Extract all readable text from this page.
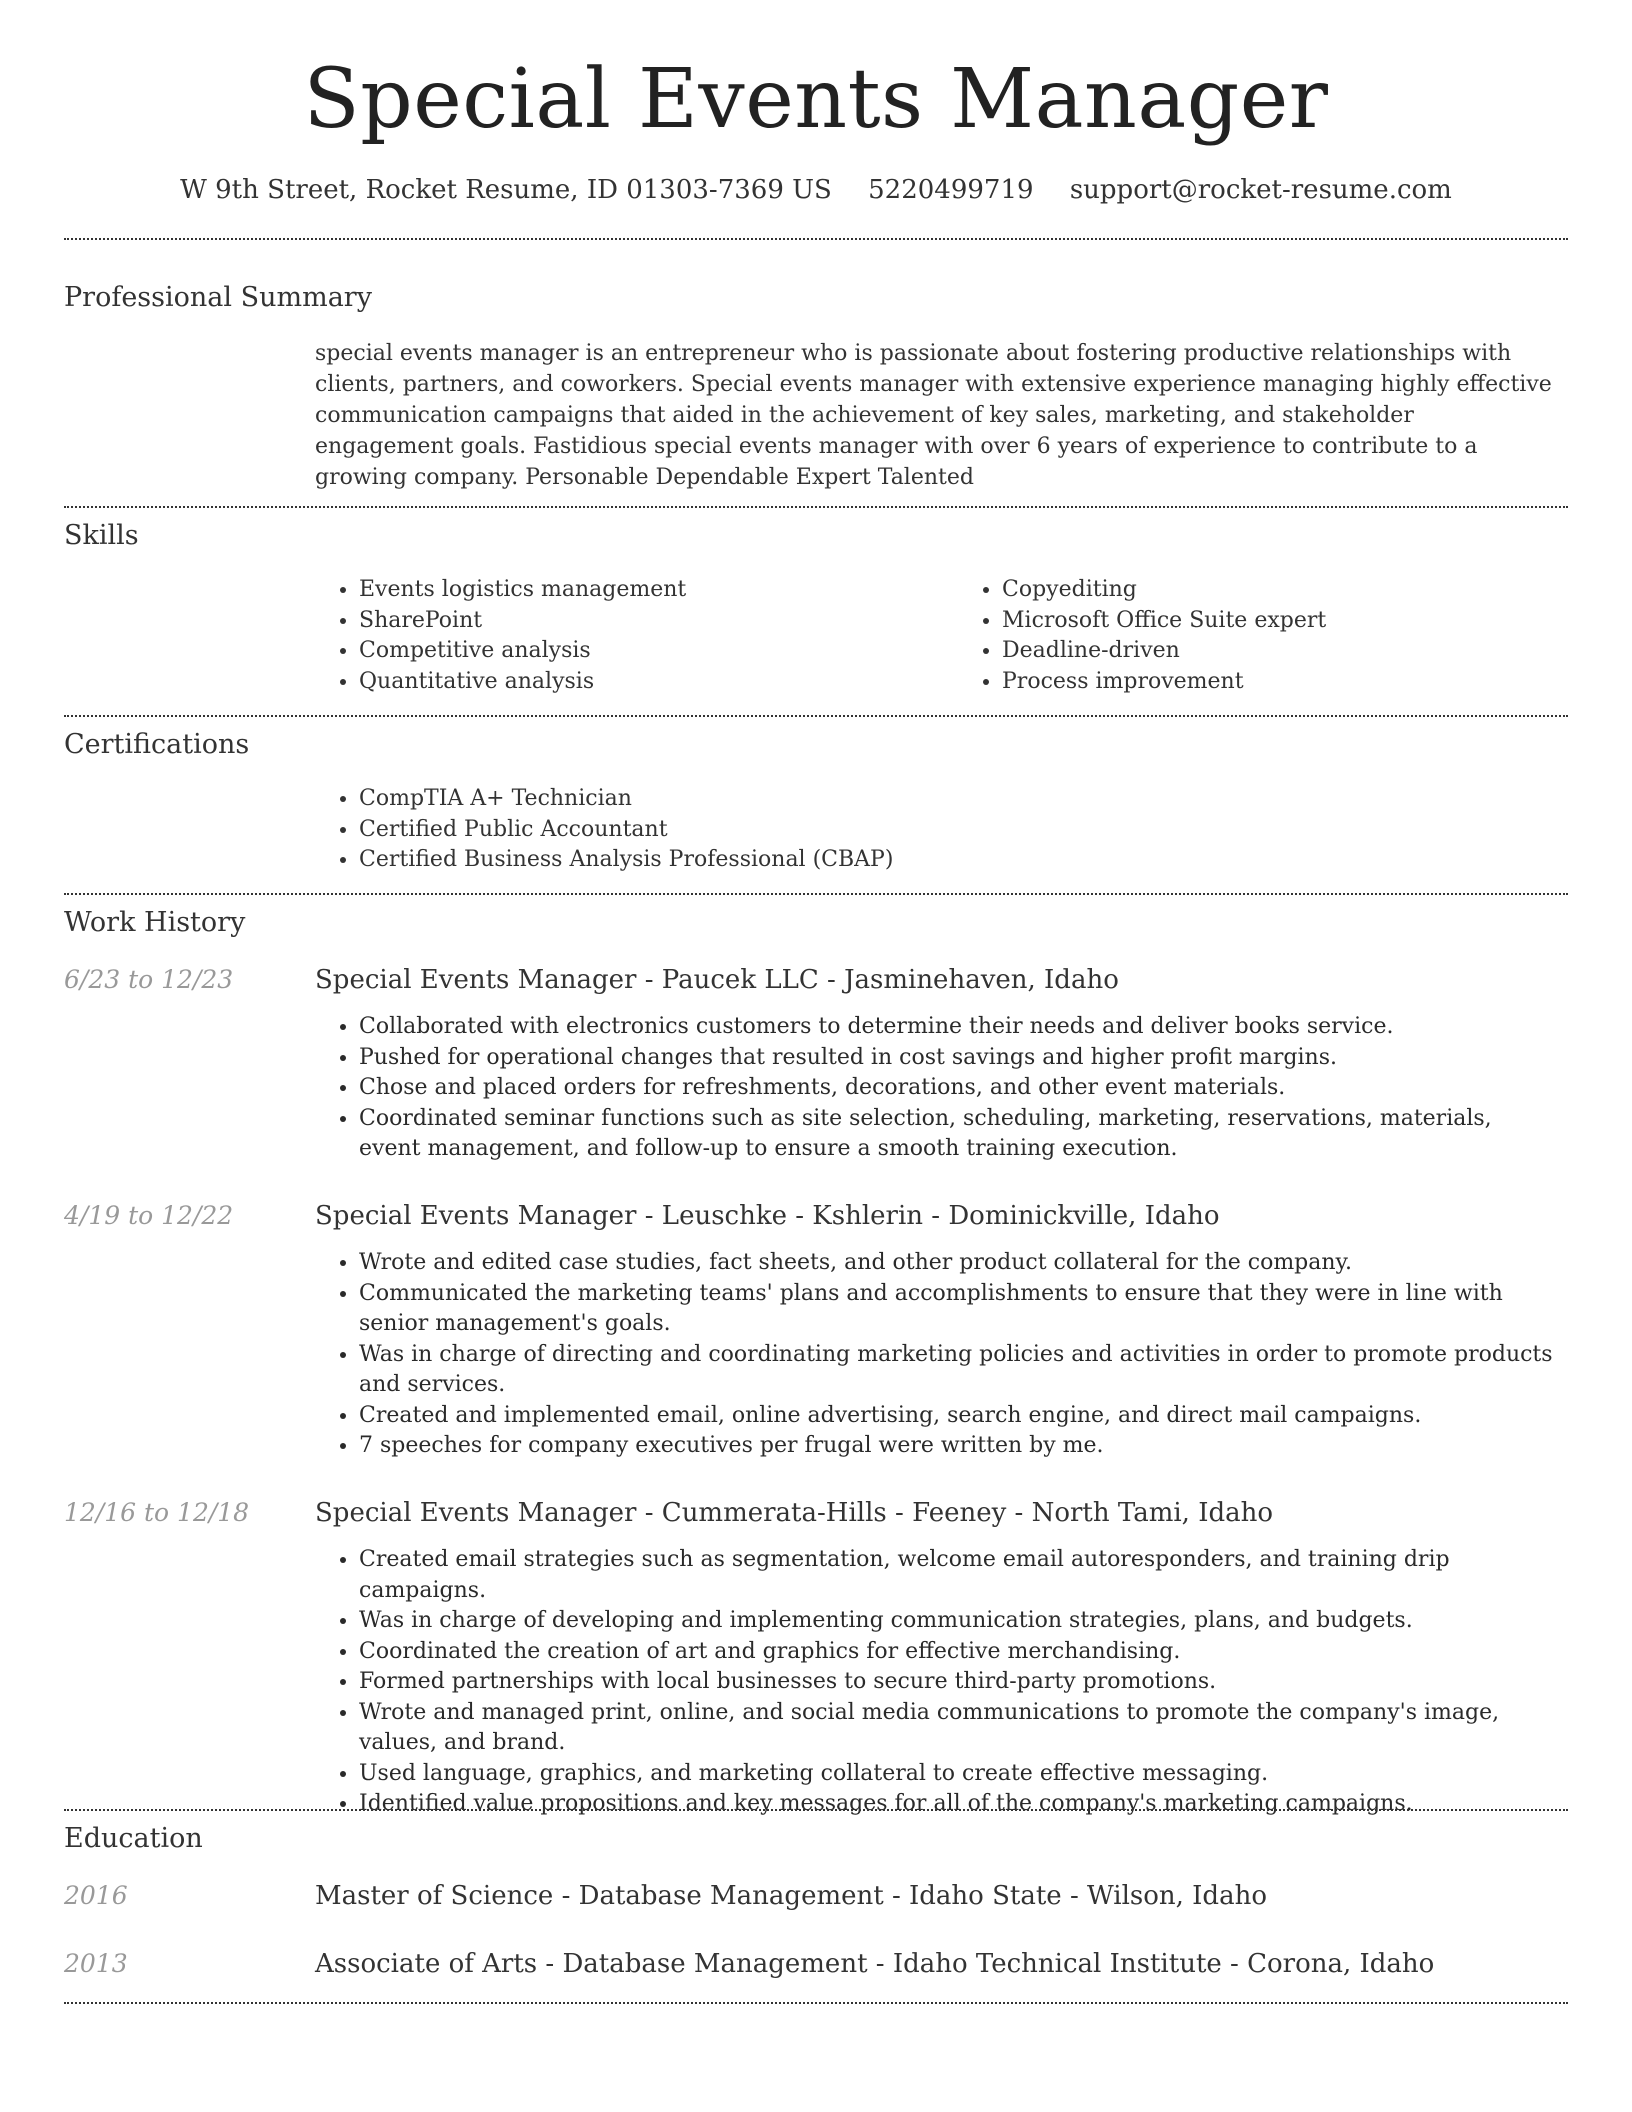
Special Events Manager
W 9th Street, Rocket Resume, ID 01303-7369 US 5220499719 support@rocket-resume.com
Professional Summary

special events manager is an entrepreneur who is passionate about fostering productive relationships with clients, partners, and coworkers. Special events manager with extensive experience managing highly effective communication campaigns that aided in the achievement of key sales, marketing, and stakeholder engagement goals. Fastidious special events manager with over 6 years of experience to contribute to a growing company. Personable Dependable Expert Talented

Skills
• Events logistics management
• SharePoint
• Competitive analysis
• Quantitative analysis
• Copyediting
• Microsoft Office Suite expert
• Deadline-driven
• Process improvement
Certifications
• CompTIA A+ Technician
• Certified Public Accountant
• Certified Business Analysis Professional (CBAP)
Work History
6/23 to 12/23	Special Events Manager - Paucek LLC - Jasminehaven, Idaho
• Collaborated with electronics customers to determine their needs and deliver books service.
• Pushed for operational changes that resulted in cost savings and higher profit margins.
• Chose and placed orders for refreshments, decorations, and other event materials.
• Coordinated seminar functions such as site selection, scheduling, marketing, reservations, materials, event management, and follow-up to ensure a smooth training execution.
4/19 to 12/22	Special Events Manager - Leuschke - Kshlerin - Dominickville, Idaho
• Wrote and edited case studies, fact sheets, and other product collateral for the company.
• Communicated the marketing teams' plans and accomplishments to ensure that they were in line with senior management's goals.
• Was in charge of directing and coordinating marketing policies and activities in order to promote products and services.
• Created and implemented email, online advertising, search engine, and direct mail campaigns.
• 7 speeches for company executives per frugal were written by me.
12/16 to 12/18	Special Events Manager - Cummerata-Hills - Feeney - North Tami, Idaho
• Created email strategies such as segmentation, welcome email autoresponders, and training drip campaigns.
• Was in charge of developing and implementing communication strategies, plans, and budgets.
• Coordinated the creation of art and graphics for effective merchandising.
• Formed partnerships with local businesses to secure third-party promotions.
• Wrote and managed print, online, and social media communications to promote the company's image, values, and brand.
• Used language, graphics, and marketing collateral to create effective messaging.
• Identified value propositions and key messages for all of the company's marketing campaigns.
Education
2016	Master of Science - Database Management - Idaho State - Wilson, Idaho
2013	Associate of Arts - Database Management - Idaho Technical Institute - Corona, Idaho
